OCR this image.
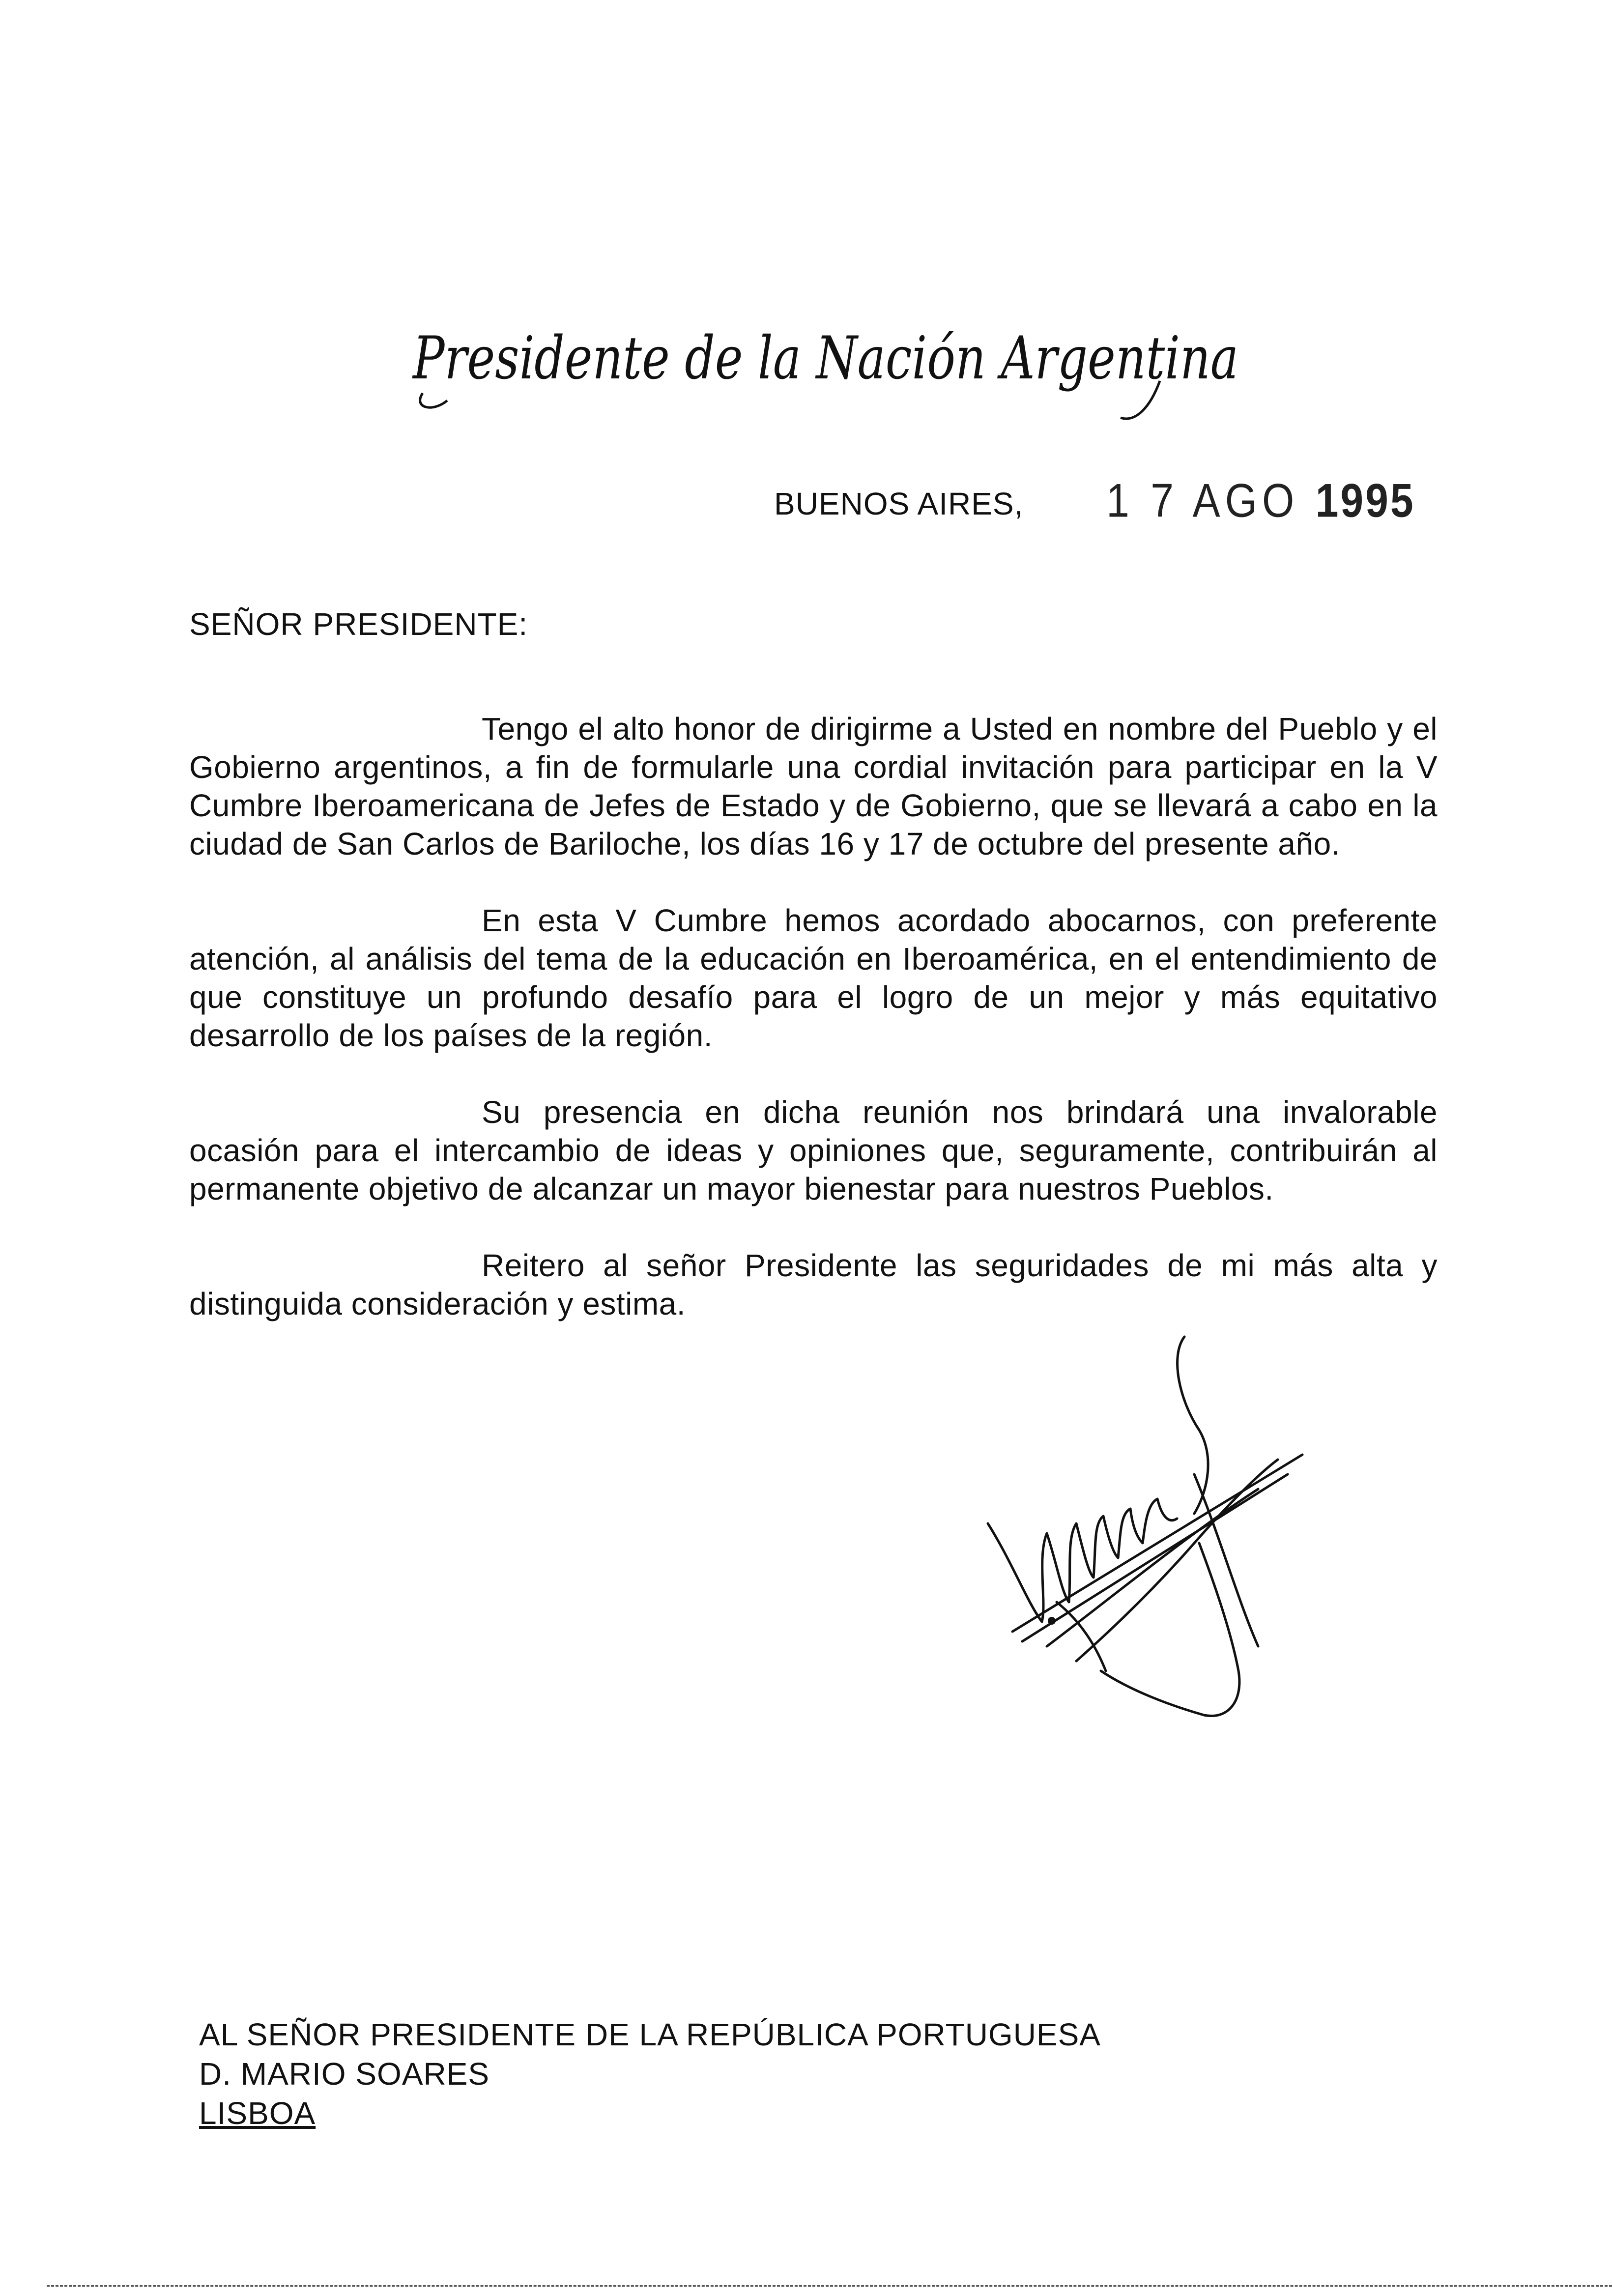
Presidente de la Nación Argentina
BUENOS AIRES, 1 7 AGO 1995
SEÑOR PRESIDENTE:

Tengo el alto honor de dirigirme a Usted en nombre del Pueblo y el Gobierno argentinos, a fin de formularle una cordial invitación para participar en la V Cumbre Iberoamericana de Jefes de Estado y de Gobierno, que se llevará a cabo en la ciudad de San Carlos de Bariloche, los días 16 y 17 de octubre del presente año.

En esta V Cumbre hemos acordado abocarnos, con preferente atención, al análisis del tema de la educación en Iberoamérica, en el entendimiento de que constituye un profundo desafío para el logro de un mejor y más equitativo desarrollo de los países de la región.

Su presencia en dicha reunión nos brindará una invalorable ocasión para el intercambio de ideas y opiniones que, seguramente, contribuirán al permanente objetivo de alcanzar un mayor bienestar para nuestros Pueblos.

Reitero al señor Presidente las seguridades de mi más alta y distinguida consideración y estima.

AL SEÑOR PRESIDENTE DE LA REPÚBLICA PORTUGUESA
D. MARIO SOARES
LISBOA
